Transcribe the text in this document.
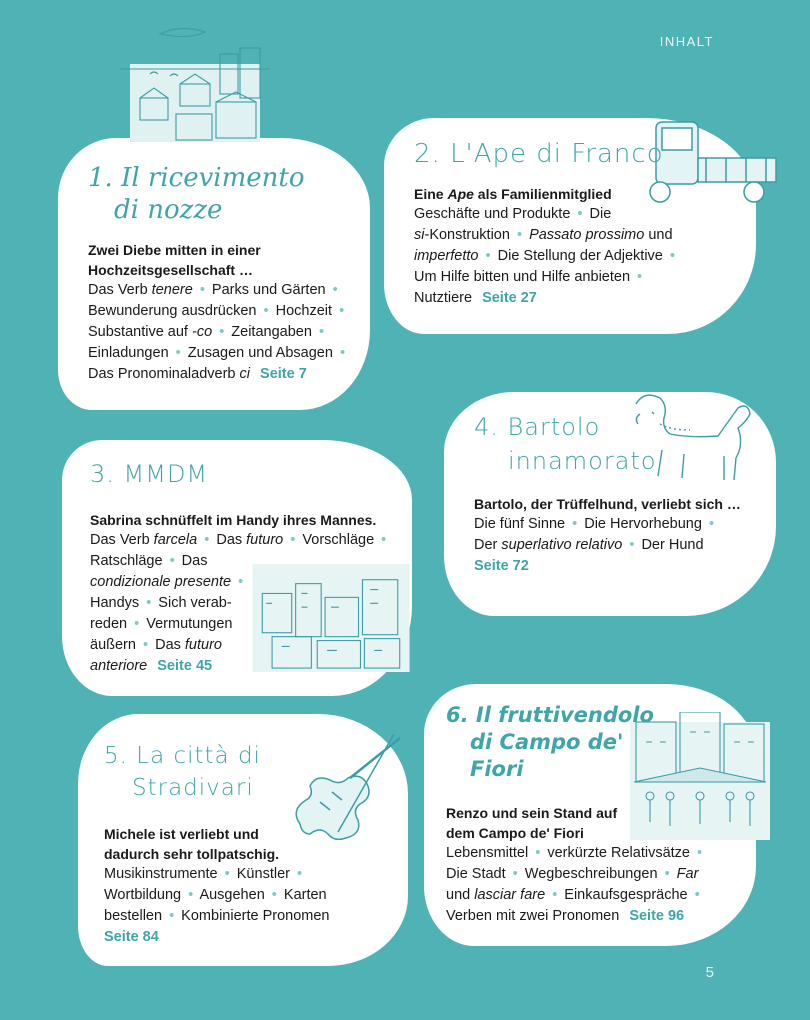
INHALT
1. Il ricevimento
di nozze
Zwei Diebe mitten in einer
Hochzeitsgesellschaft …
Das Verb tenere • Parks und Gärten •
Bewunderung ausdrücken • Hochzeit •
Substantive auf -co • Zeitangaben •
Einladungen • Zusagen und Absagen •
Das Pronominaladverb ci Seite 7
2. L'Ape di Franco
Eine Ape als Familienmitglied
Geschäfte und Produkte • Die
si-Konstruktion • Passato prossimo und
imperfetto • Die Stellung der Adjektive •
Um Hilfe bitten und Hilfe anbieten •
Nutztiere Seite 27
3. MMDM
Sabrina schnüffelt im Handy ihres Mannes.
Das Verb farcela • Das futuro • Vorschläge •
Ratschläge • Das
condizionale presente •
Handys • Sich verab-
reden • Vermutungen
äußern • Das futuro
anteriore Seite 45
4. Bartolo
innamorato
Bartolo, der Trüffelhund, verliebt sich …
Die fünf Sinne • Die Hervorhebung •
Der superlativo relativo • Der Hund
Seite 72
5. La città di
Stradivari
Michele ist verliebt und
dadurch sehr tollpatschig.
Musikinstrumente • Künstler •
Wortbildung • Ausgehen • Karten
bestellen • Kombinierte Pronomen
Seite 84
6. Il fruttivendolo
di Campo de'
Fiori
Renzo und sein Stand auf
dem Campo de' Fiori
Lebensmittel • verkürzte Relativsätze •
Die Stadt • Wegbeschreibungen • Far
und lasciar fare • Einkaufsgespräche •
Verben mit zwei Pronomen Seite 96
5
